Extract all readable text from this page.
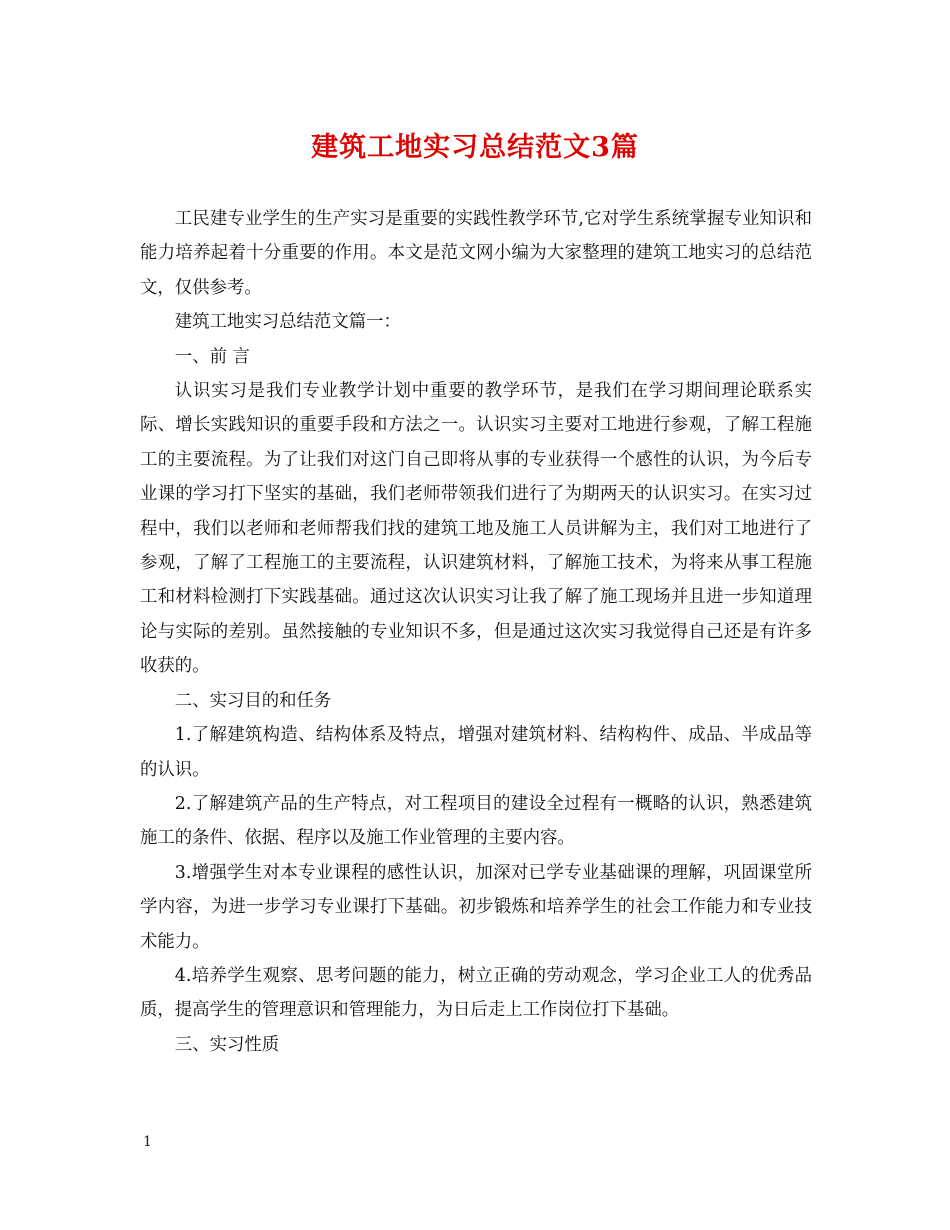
建筑工地实习总结范文3篇

工民建专业学生的生产实习是重要的实践性教学环节,它对学生系统掌握专业知识和能力培养起着十分重要的作用。本文是范文网小编为大家整理的建筑工地实习的总结范文，仅供参考。

建筑工地实习总结范文篇一：

一、前 言

认识实习是我们专业教学计划中重要的教学环节，是我们在学习期间理论联系实际、增长实践知识的重要手段和方法之一。认识实习主要对工地进行参观，了解工程施工的主要流程。为了让我们对这门自己即将从事的专业获得一个感性的认识，为今后专业课的学习打下坚实的基础，我们老师带领我们进行了为期两天的认识实习。在实习过程中，我们以老师和老师帮我们找的建筑工地及施工人员讲解为主，我们对工地进行了参观，了解了工程施工的主要流程，认识建筑材料，了解施工技术，为将来从事工程施工和材料检测打下实践基础。通过这次认识实习让我了解了施工现场并且进一步知道理论与实际的差别。虽然接触的专业知识不多，但是通过这次实习我觉得自己还是有许多收获的。

二、实习目的和任务

1.了解建筑构造、结构体系及特点，增强对建筑材料、结构构件、成品、半成品等的认识。

2.了解建筑产品的生产特点，对工程项目的建设全过程有一概略的认识，熟悉建筑施工的条件、依据、程序以及施工作业管理的主要内容。

3.增强学生对本专业课程的感性认识，加深对已学专业基础课的理解，巩固课堂所学内容，为进一步学习专业课打下基础。初步锻炼和培养学生的社会工作能力和专业技术能力。

4.培养学生观察、思考问题的能力，树立正确的劳动观念，学习企业工人的优秀品质，提高学生的管理意识和管理能力，为日后走上工作岗位打下基础。

三、实习性质

1
